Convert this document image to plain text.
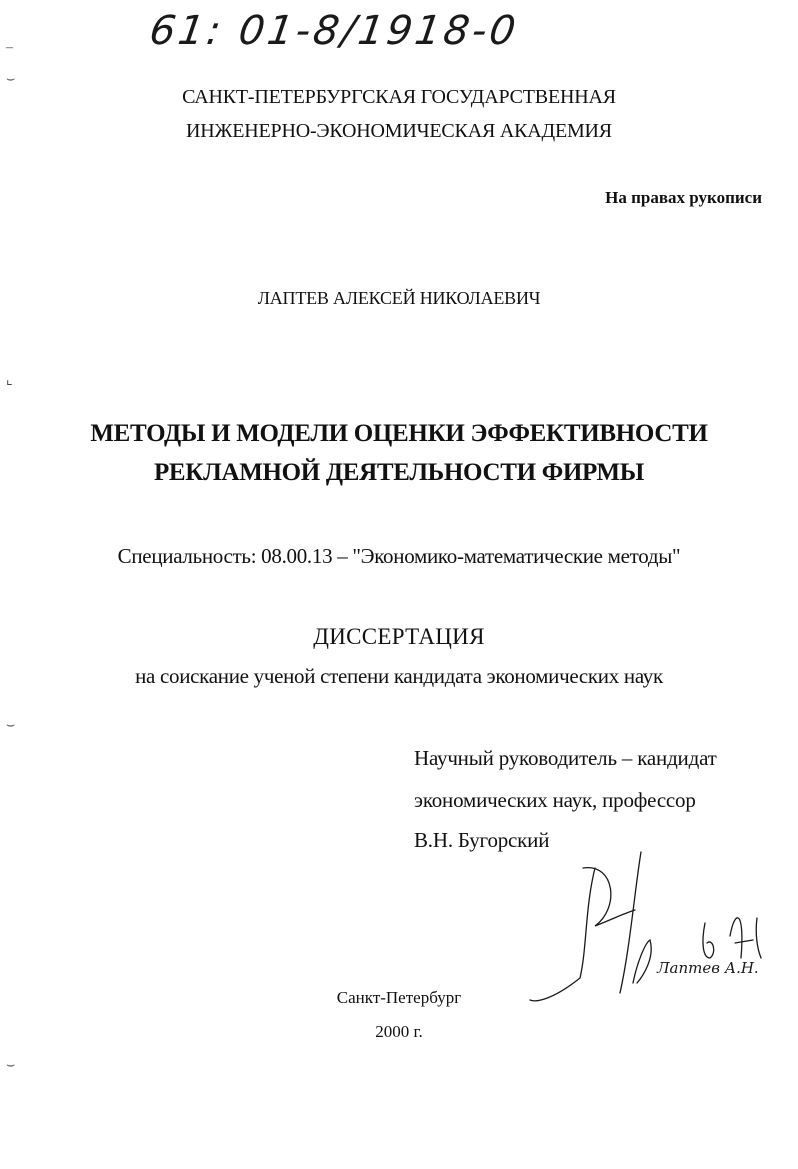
61: 01-8/1918-0
–
⌣
⌞
⌣
⌣
САНКТ-ПЕТЕРБУРГСКАЯ ГОСУДАРСТВЕННАЯ
ИНЖЕНЕРНО-ЭКОНОМИЧЕСКАЯ АКАДЕМИЯ
На правах рукописи
ЛАПТЕВ АЛЕКСЕЙ НИКОЛАЕВИЧ
МЕТОДЫ И МОДЕЛИ ОЦЕНКИ ЭФФЕКТИВНОСТИ
РЕКЛАМНОЙ ДЕЯТЕЛЬНОСТИ ФИРМЫ
Специальность: 08.00.13 – "Экономико-математические методы"
ДИССЕРТАЦИЯ
на соискание ученой степени кандидата экономических наук
Научный руководитель – кандидат
экономических наук, профессор
В.Н. Бугорский
Лаптев А.Н.
Санкт-Петербург
2000 г.
